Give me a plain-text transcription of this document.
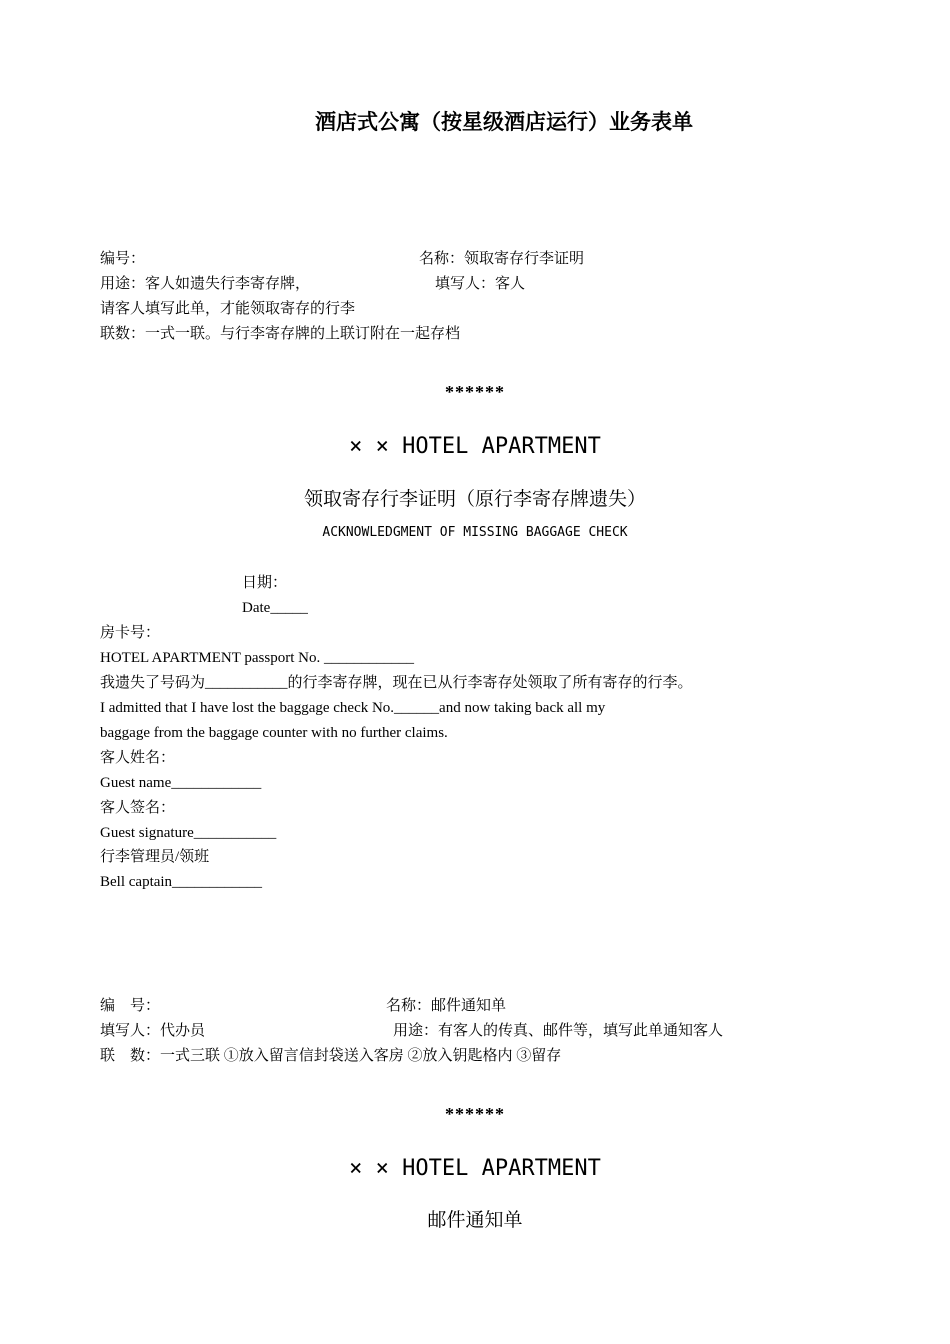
酒店式公寓（按星级酒店运行）业务表单
编号：	名称：领取寄存行李证明
用途：客人如遗失行李寄存牌，	填写人：客人
请客人填写此单，才能领取寄存的行李
联数：一式一联。与行李寄存牌的上联订附在一起存档
******
× × HOTEL APARTMENT
领取寄存行李证明（原行李寄存牌遗失）
ACKNOWLEDGMENT OF MISSING BAGGAGE CHECK
日期：
Date_____
房卡号：
HOTEL APARTMENT passport No. ____________
我遗失了号码为___________的行李寄存牌，现在已从行李寄存处领取了所有寄存的行李。
I admitted that I have lost the baggage check No.______and now taking back all my
baggage from the baggage counter with no further claims.
客人姓名：
Guest name____________
客人签名：
Guest signature___________
行李管理员/领班
Bell captain____________
编　号：	名称：邮件通知单
填写人：代办员	用途：有客人的传真、邮件等，填写此单通知客人
联　数：一式三联 ①放入留言信封袋送入客房 ②放入钥匙格内 ③留存
******
× × HOTEL APARTMENT
邮件通知单
